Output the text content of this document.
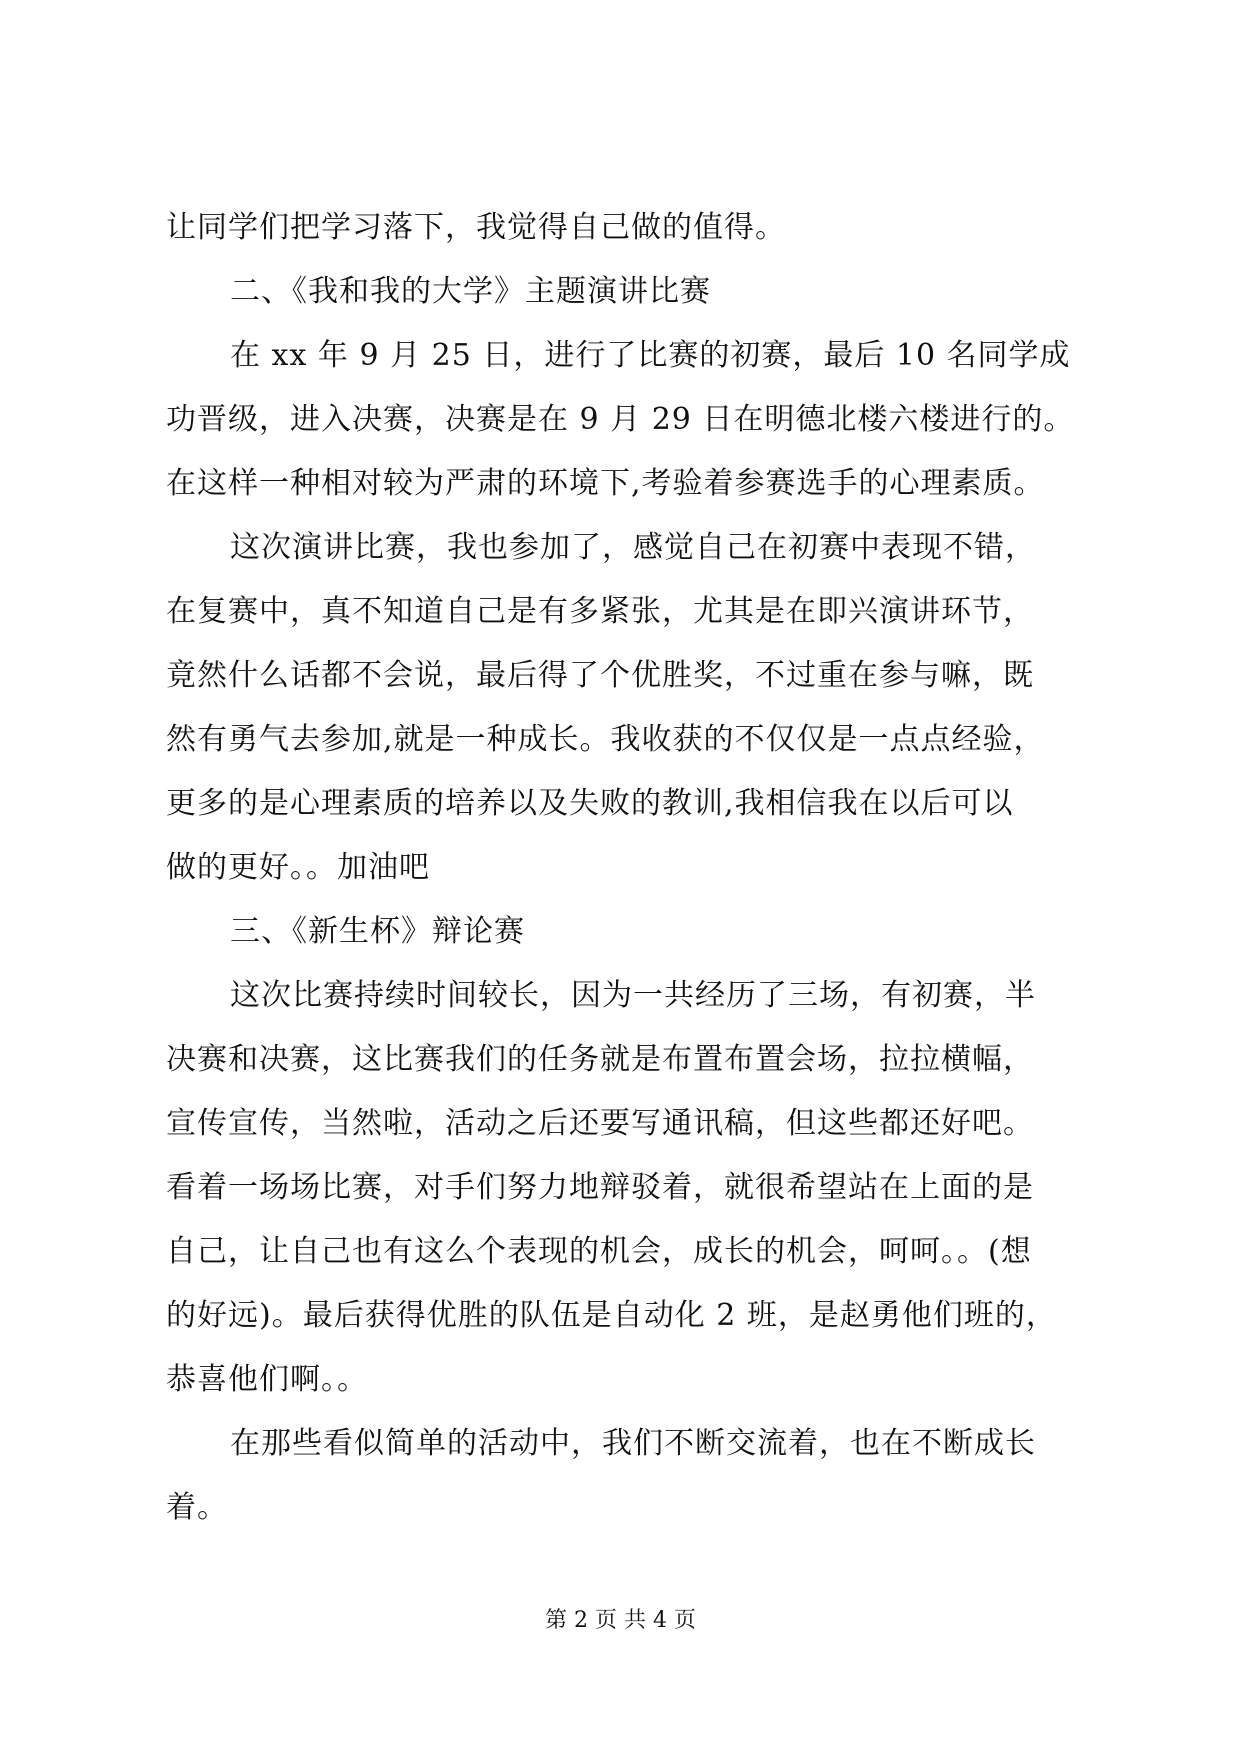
让同学们把学习落下，我觉得自己做的值得。
二、《我和我的大学》主题演讲比赛
在 xx 年 9 月 25 日，进行了比赛的初赛，最后 10 名同学成
功晋级，进入决赛，决赛是在 9 月 29 日在明德北楼六楼进行的。
在这样一种相对较为严肃的环境下,考验着参赛选手的心理素质。
这次演讲比赛，我也参加了，感觉自己在初赛中表现不错，
在复赛中，真不知道自己是有多紧张，尤其是在即兴演讲环节，
竟然什么话都不会说，最后得了个优胜奖，不过重在参与嘛，既
然有勇气去参加,就是一种成长。我收获的不仅仅是一点点经验，
更多的是心理素质的培养以及失败的教训,我相信我在以后可以
做的更好。。加油吧
三、《新生杯》辩论赛
这次比赛持续时间较长，因为一共经历了三场，有初赛，半
决赛和决赛，这比赛我们的任务就是布置布置会场，拉拉横幅，
宣传宣传，当然啦，活动之后还要写通讯稿，但这些都还好吧。
看着一场场比赛，对手们努力地辩驳着，就很希望站在上面的是
自己，让自己也有这么个表现的机会，成长的机会，呵呵。。(想
的好远)。最后获得优胜的队伍是自动化 2 班，是赵勇他们班的，
恭喜他们啊。。
在那些看似简单的活动中，我们不断交流着，也在不断成长
着。
第 2 页 共 4 页
